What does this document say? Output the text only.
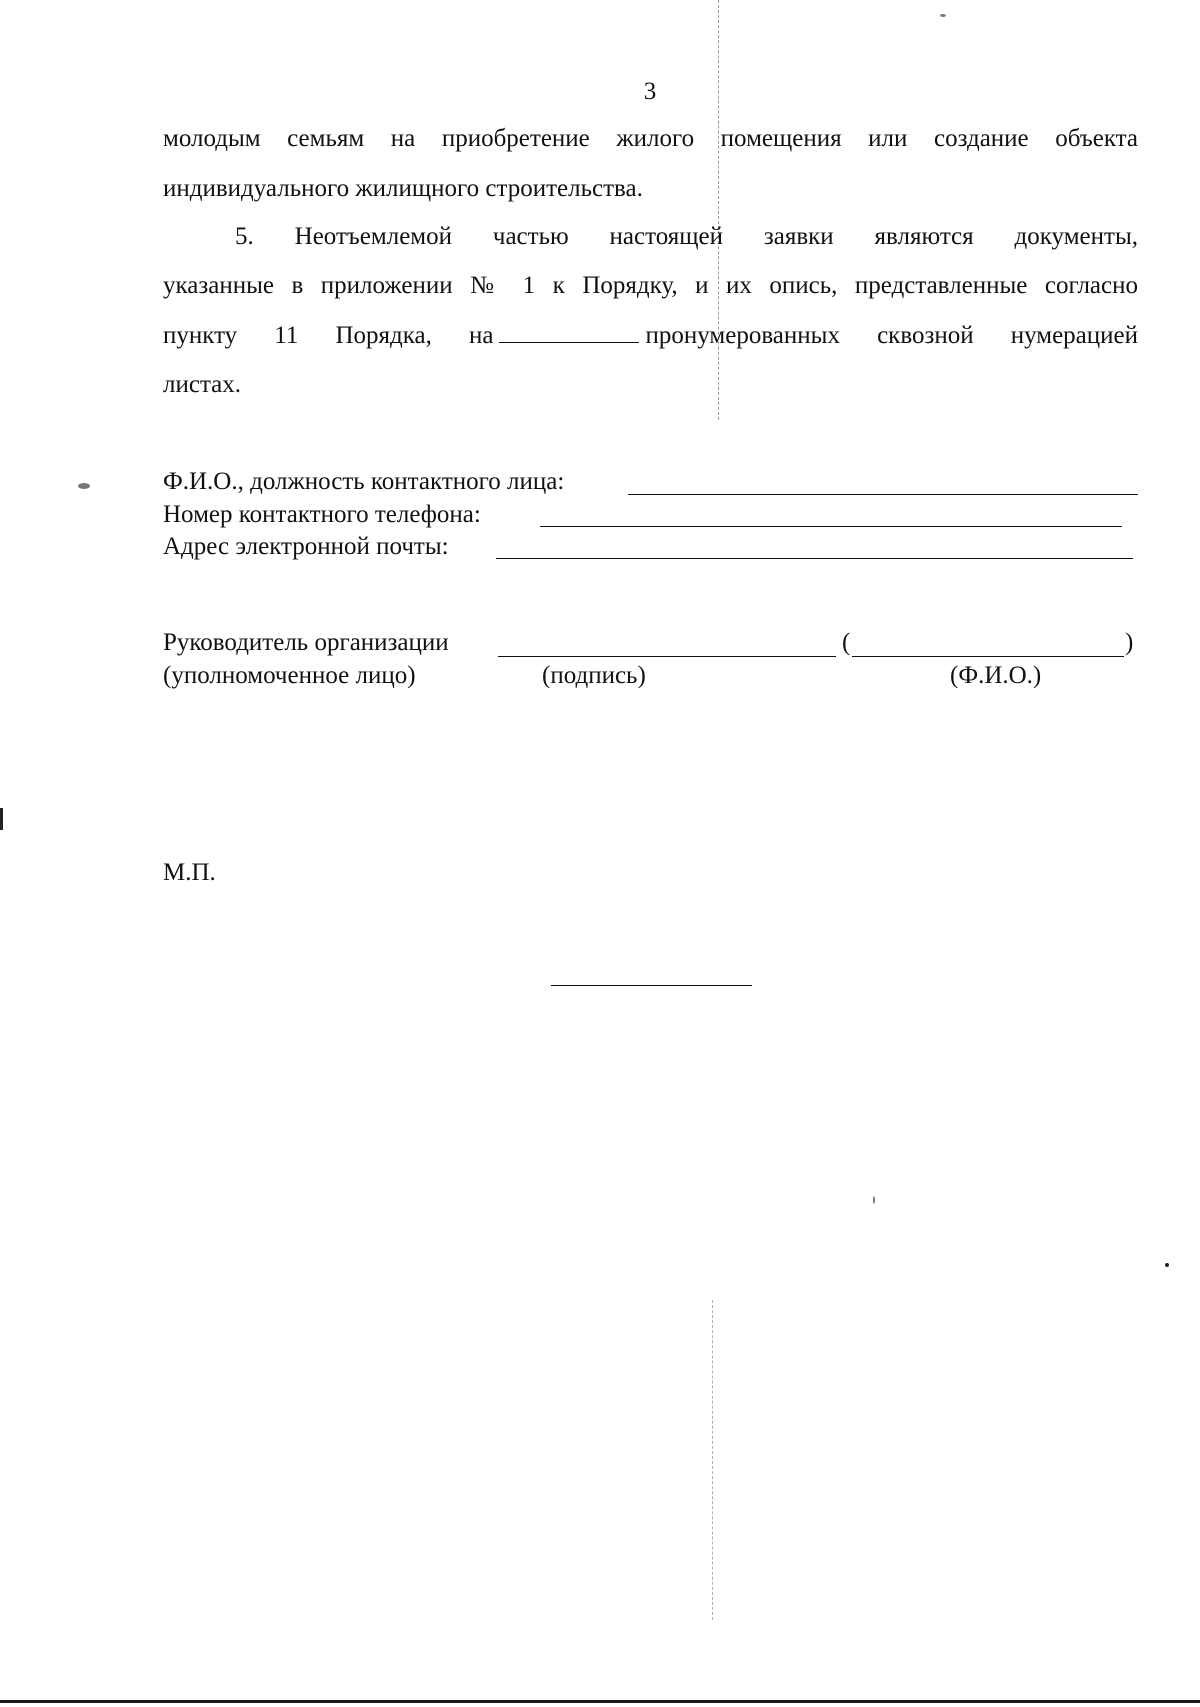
3
молодым семьям на приобретение жилого помещения или создание объекта
индивидуального жилищного строительства.
5. Неотъемлемой частью настоящей заявки являются документы,
указанные в приложении № 1 к Порядку, и их опись, представленные согласно
пункту 11 Порядка, на	пронумерованных сквозной нумерацией
листах.
Ф.И.О., должность контактного лица:
Номер контактного телефона:
Адрес электронной почты:
Руководитель организации	(	)
(уполномоченное лицо)	(подпись)	(Ф.И.О.)
М.П.
